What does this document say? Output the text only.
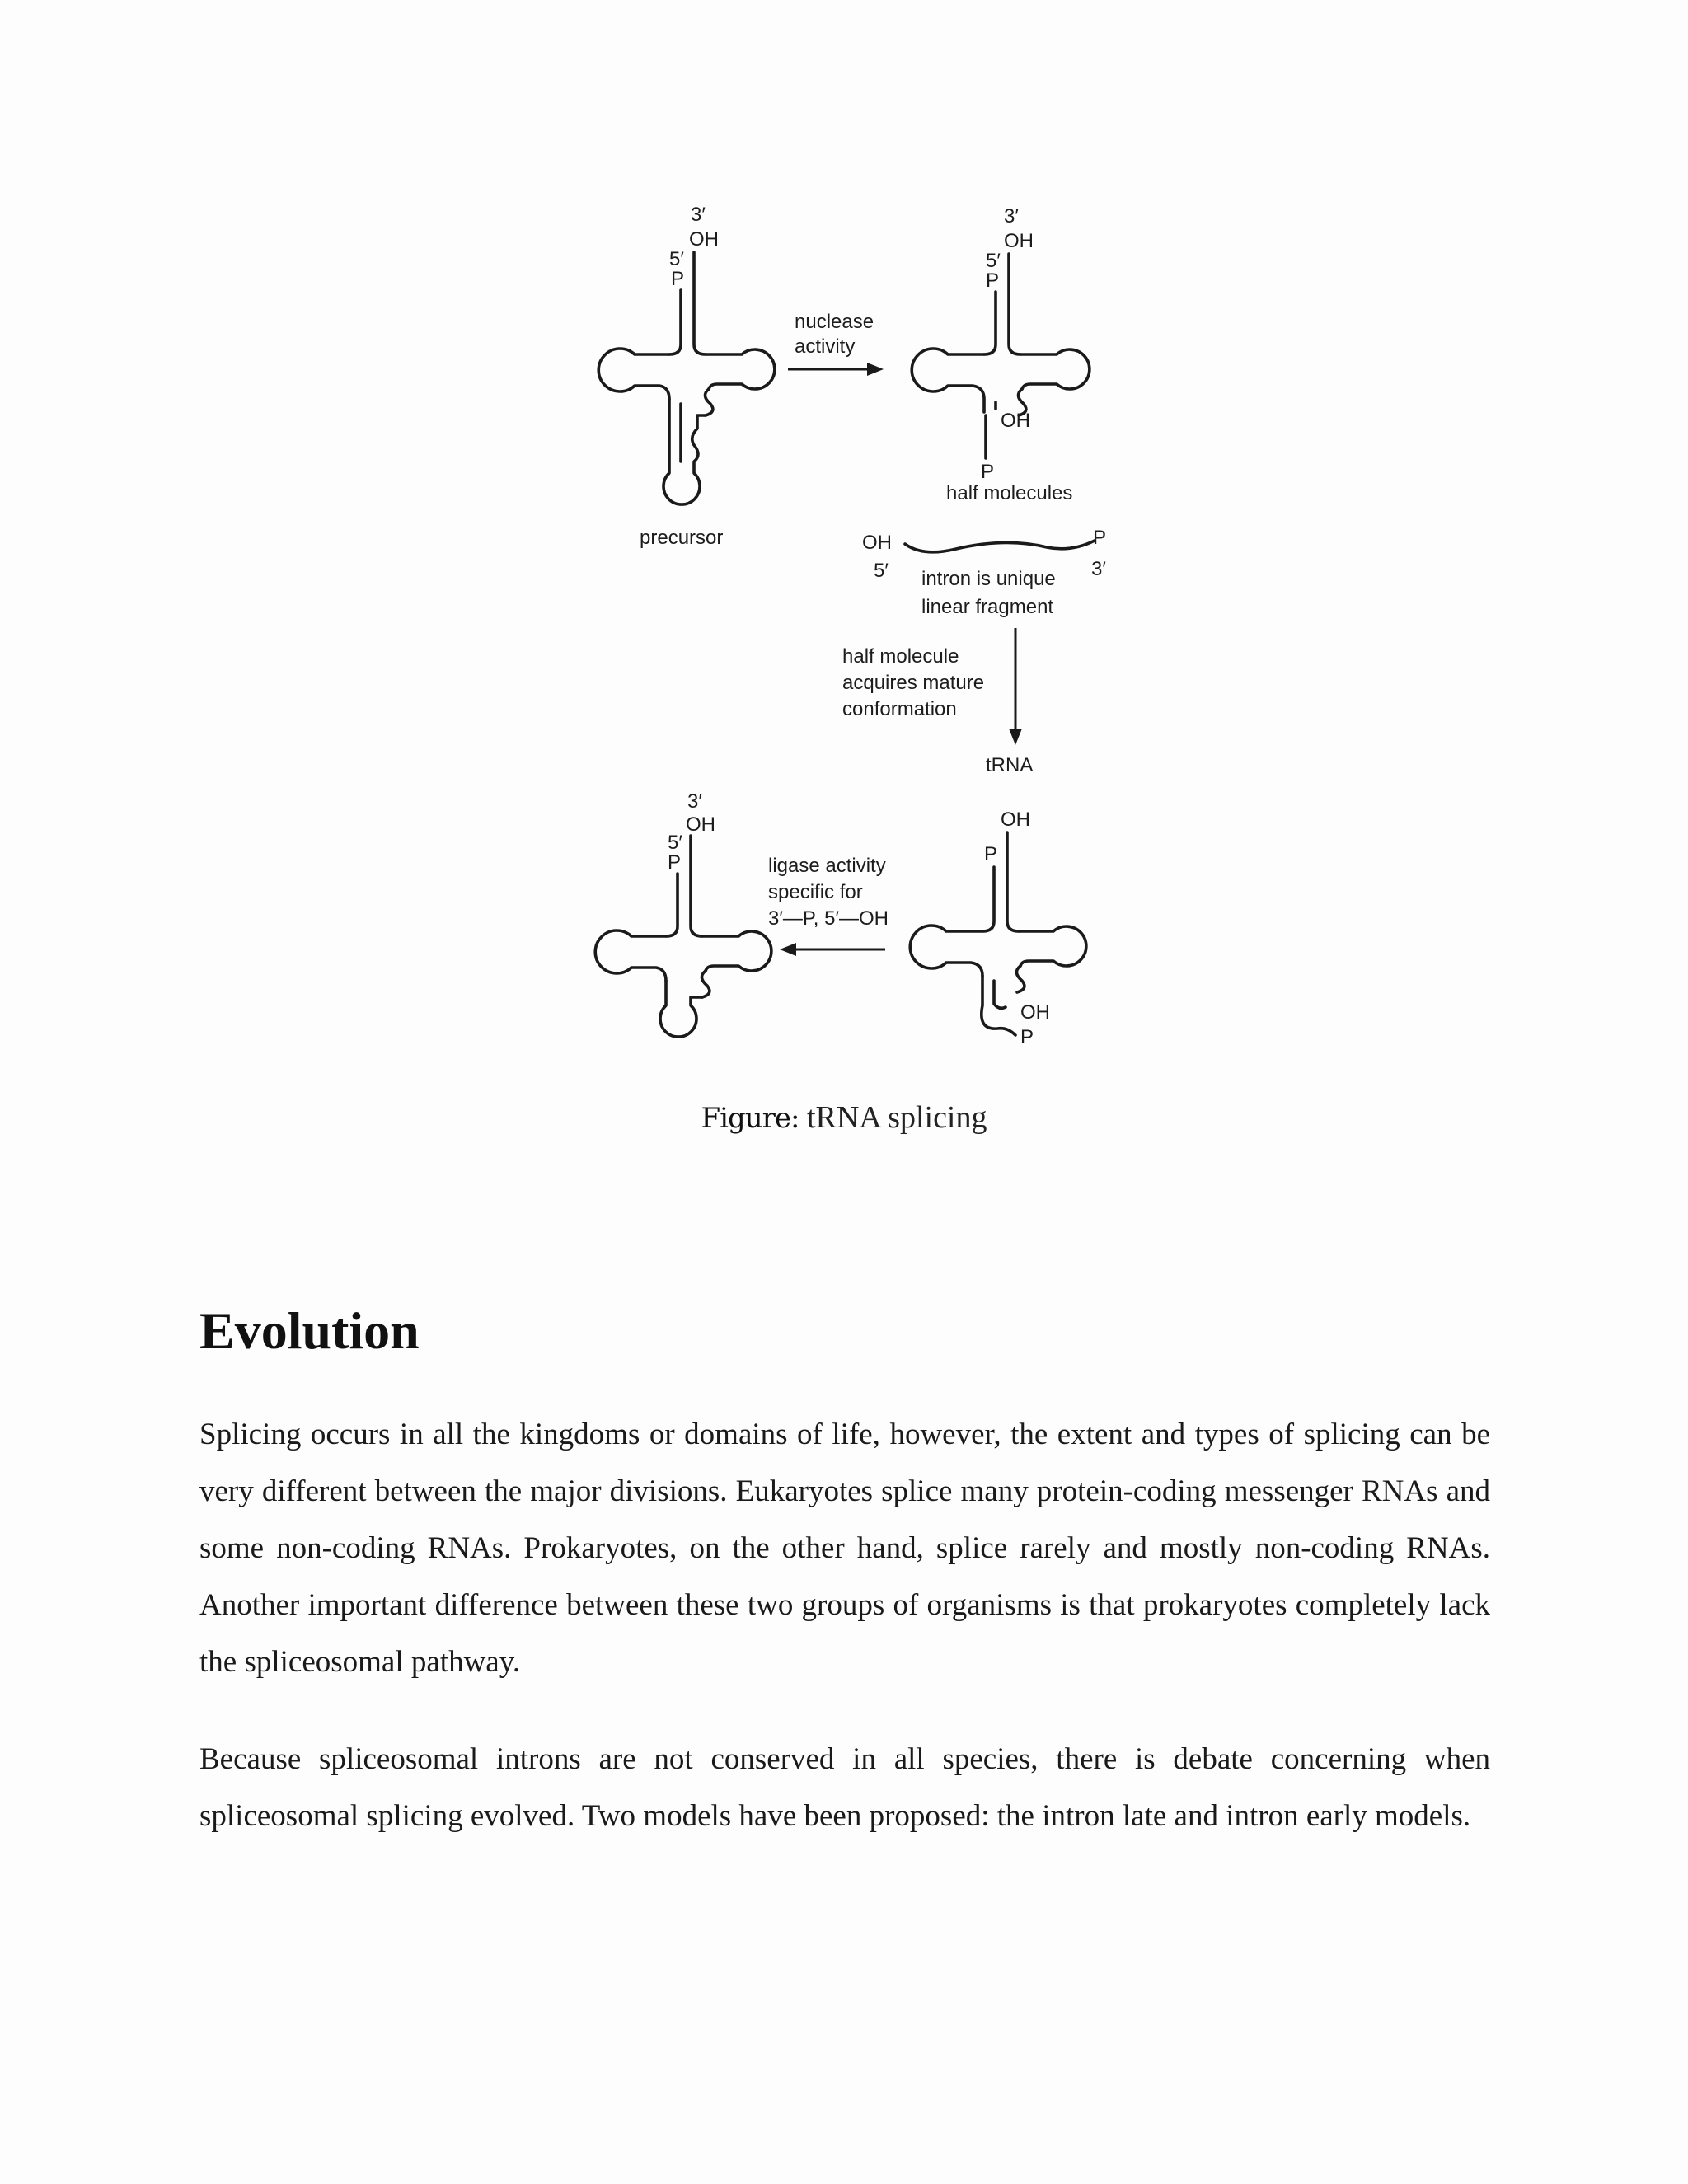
3′
OH
5′
P
precursor
nuclease
activity
3′
OH
5′
P
OH
P
half molecules
OH
5′
P
3′
intron is unique
linear fragment
half molecule
acquires mature
conformation
tRNA
OH
P
OH
P
ligase activity
specific for
3′—P, 5′—OH
3′
OH
5′
P
Figure: tRNA splicing
Evolution

Splicing occurs in all the kingdoms or domains of life, however, the extent and types of splicing can be very different between the major divisions. Eukaryotes splice many protein-coding messenger RNAs and some non-coding RNAs. Prokaryotes, on the other hand, splice rarely and mostly non-coding RNAs. Another important difference between these two groups of organisms is that prokaryotes completely lack the spliceosomal pathway.

Because spliceosomal introns are not conserved in all species, there is debate concerning when spliceosomal splicing evolved. Two models have been proposed: the intron late and intron early models.
